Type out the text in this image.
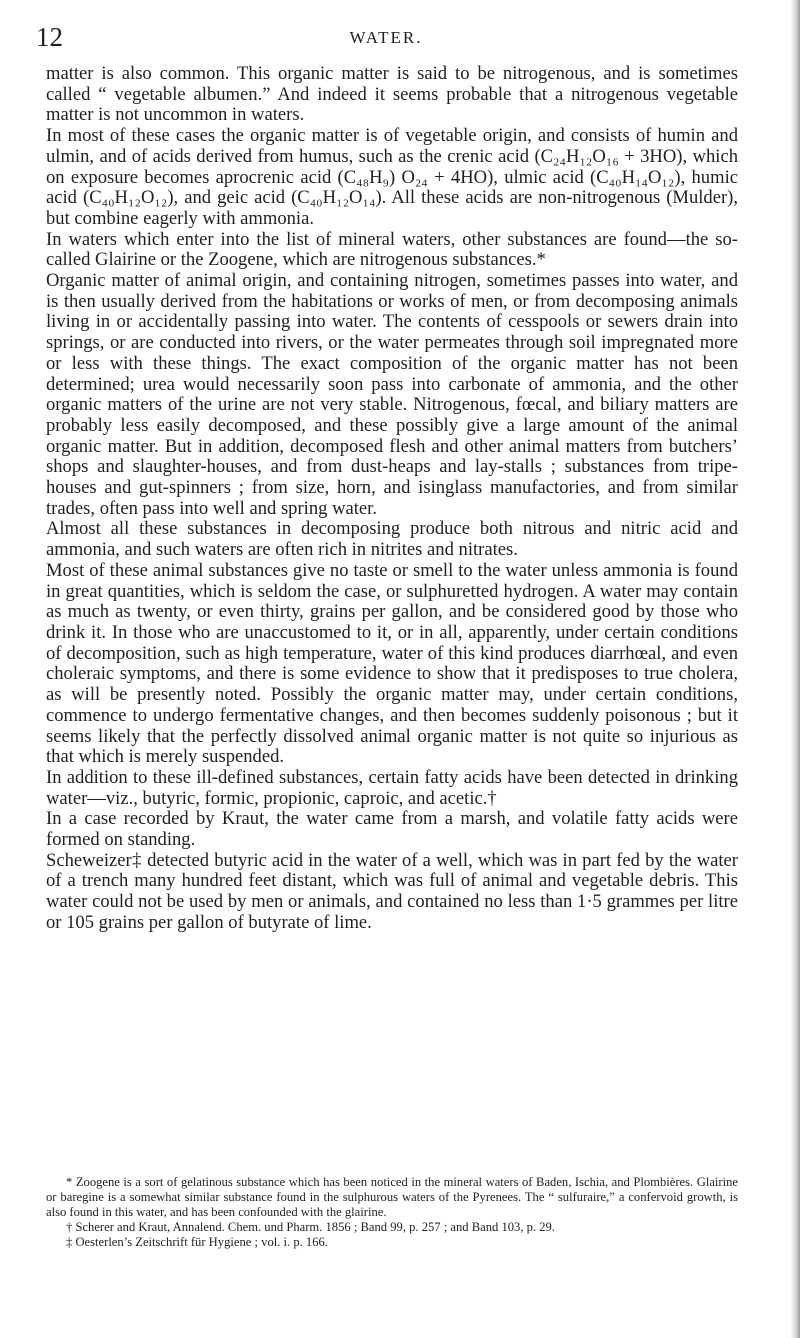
12	WATER.

matter is also common. This organic matter is said to be nitrogenous, and is sometimes called “ vegetable albumen.” And indeed it seems probable that a nitrogenous vegetable matter is not uncommon in waters.

In most of these cases the organic matter is of vegetable origin, and consists of humin and ulmin, and of acids derived from humus, such as the crenic acid (C₂₄H₁₂O₁₆ + 3HO), which on exposure becomes aprocrenic acid (C₄₈H₉) O₂₄ + 4HO), ulmic acid (C₄₀H₁₄O₁₂), humic acid (C₄₀H₁₂O₁₂), and geic acid (C₄₀H₁₂O₁₄). All these acids are non-nitrogenous (Mulder), but combine eagerly with ammonia.

In waters which enter into the list of mineral waters, other substances are found—the so-called Glairine or the Zoogene, which are nitrogenous substances.*

Organic matter of animal origin, and containing nitrogen, sometimes passes into water, and is then usually derived from the habitations or works of men, or from decomposing animals living in or accidentally passing into water. The contents of cesspools or sewers drain into springs, or are conducted into rivers, or the water permeates through soil impregnated more or less with these things. The exact composition of the organic matter has not been determined; urea would necessarily soon pass into carbonate of ammonia, and the other organic matters of the urine are not very stable. Nitrogenous, fœcal, and biliary matters are probably less easily decomposed, and these possibly give a large amount of the animal organic matter. But in addition, decomposed flesh and other animal matters from butchers’ shops and slaughter-houses, and from dust-heaps and lay-stalls ; substances from tripe-houses and gut-spinners ; from size, horn, and isinglass manufactories, and from similar trades, often pass into well and spring water.

Almost all these substances in decomposing produce both nitrous and nitric acid and ammonia, and such waters are often rich in nitrites and nitrates.

Most of these animal substances give no taste or smell to the water unless ammonia is found in great quantities, which is seldom the case, or sulphuretted hydrogen. A water may contain as much as twenty, or even thirty, grains per gallon, and be considered good by those who drink it. In those who are unaccustomed to it, or in all, apparently, under certain conditions of decomposition, such as high temperature, water of this kind produces diarrhœal, and even choleraic symptoms, and there is some evidence to show that it predisposes to true cholera, as will be presently noted. Possibly the organic matter may, under certain conditions, commence to undergo fermentative changes, and then becomes suddenly poisonous ; but it seems likely that the perfectly dissolved animal organic matter is not quite so injurious as that which is merely suspended.

In addition to these ill-defined substances, certain fatty acids have been detected in drinking water—viz., butyric, formic, propionic, caproic, and acetic.†

In a case recorded by Kraut, the water came from a marsh, and volatile fatty acids were formed on standing.

Scheweizer‡ detected butyric acid in the water of a well, which was in part fed by the water of a trench many hundred feet distant, which was full of animal and vegetable debris. This water could not be used by men or animals, and contained no less than 1·5 grammes per litre or 105 grains per gallon of butyrate of lime.

* Zoogene is a sort of gelatinous substance which has been noticed in the mineral waters of Baden, Ischia, and Plombières. Glairine or baregine is a somewhat similar substance found in the sulphurous waters of the Pyrenees. The “ sulfuraire,” a confervoid growth, is also found in this water, and has been confounded with the glairine.

† Scherer and Kraut, Annalend. Chem. und Pharm. 1856 ; Band 99, p. 257 ; and Band 103, p. 29.

‡ Oesterlen’s Zeitschrift für Hygiene ; vol. i. p. 166.
